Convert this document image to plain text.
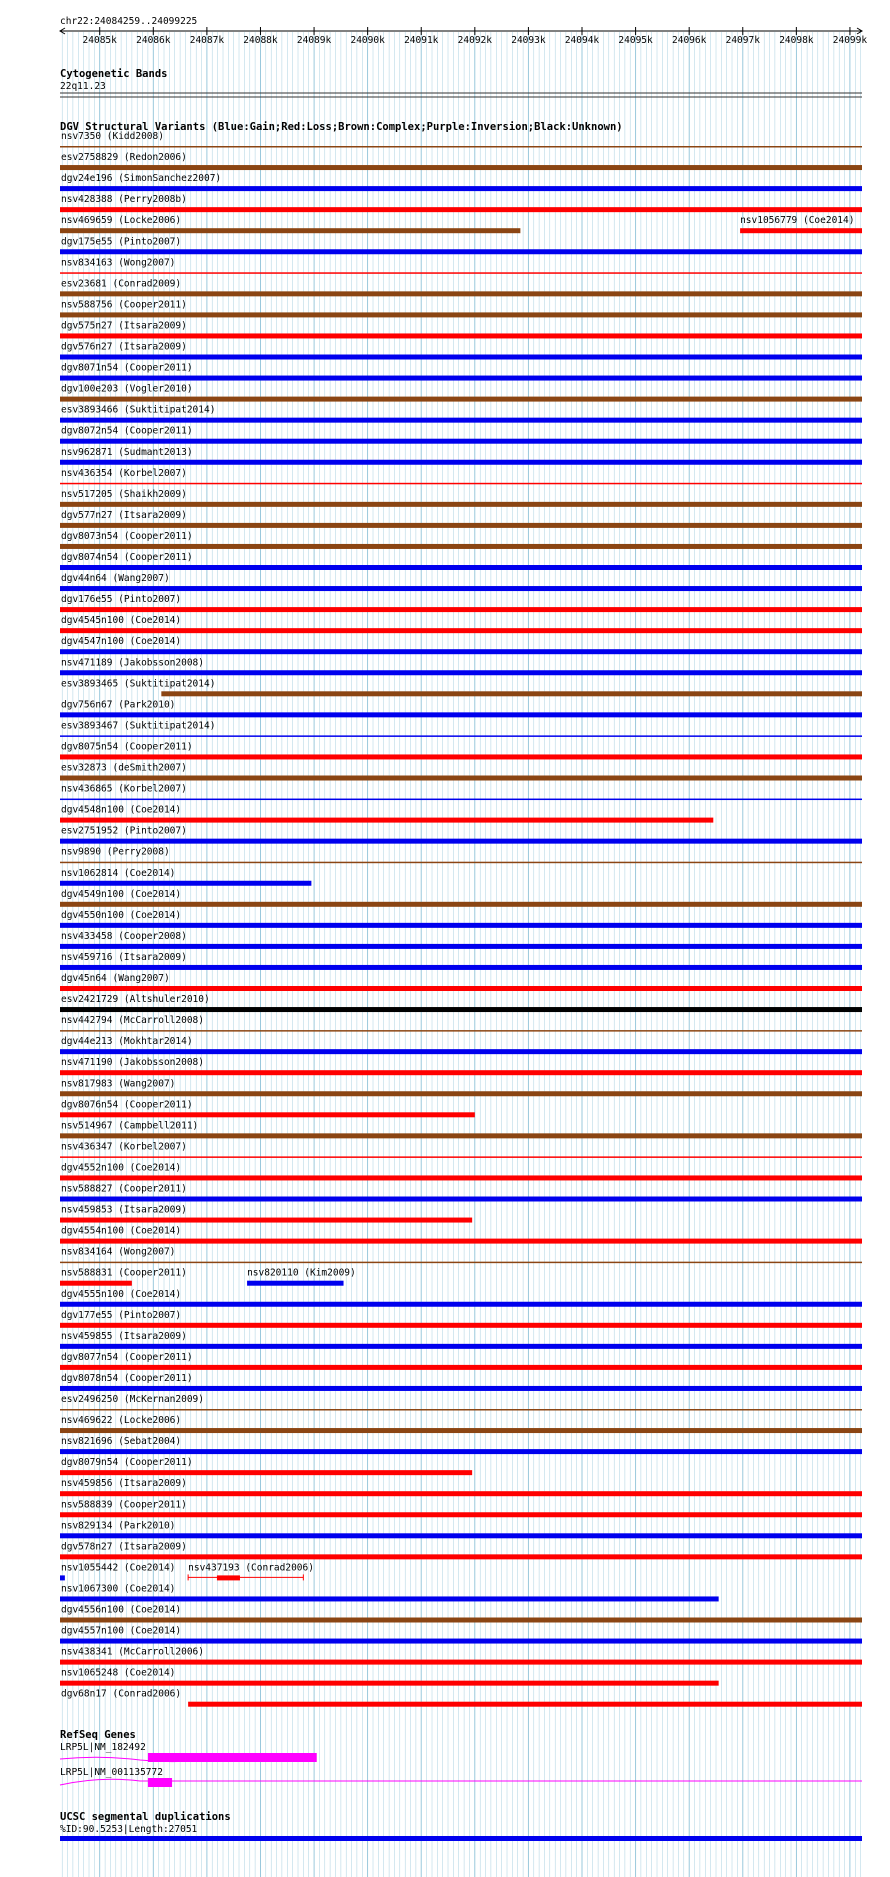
chr22:24084259..24099225
24085k 24086k 24087k 24088k 24089k 24090k 24091k 24092k 24093k 24094k 24095k 24096k 24097k 24098k 24099k
Cytogenetic Bands
22q11.23
DGV Structural Variants (Blue:Gain;Red:Loss;Brown:Complex;Purple:Inversion;Black:Unknown)
nsv7350 (Kidd2008)
esv2758829 (Redon2006)
dgv24e196 (SimonSanchez2007)
nsv428388 (Perry2008b)
nsv469659 (Locke2006)	nsv1056779 (Coe2014)
dgv175e55 (Pinto2007)
nsv834163 (Wong2007)
esv23681 (Conrad2009)
nsv588756 (Cooper2011)
dgv575n27 (Itsara2009)
dgv576n27 (Itsara2009)
dgv8071n54 (Cooper2011)
dgv100e203 (Vogler2010)
esv3893466 (Suktitipat2014)
dgv8072n54 (Cooper2011)
nsv962871 (Sudmant2013)
nsv436354 (Korbel2007)
nsv517205 (Shaikh2009)
dgv577n27 (Itsara2009)
dgv8073n54 (Cooper2011)
dgv8074n54 (Cooper2011)
dgv44n64 (Wang2007)
dgv176e55 (Pinto2007)
dgv4545n100 (Coe2014)
dgv4547n100 (Coe2014)
nsv471189 (Jakobsson2008)
esv3893465 (Suktitipat2014)
dgv756n67 (Park2010)
esv3893467 (Suktitipat2014)
dgv8075n54 (Cooper2011)
esv32873 (deSmith2007)
nsv436865 (Korbel2007)
dgv4548n100 (Coe2014)
esv2751952 (Pinto2007)
nsv9890 (Perry2008)
nsv1062814 (Coe2014)
dgv4549n100 (Coe2014)
dgv4550n100 (Coe2014)
nsv433458 (Cooper2008)
nsv459716 (Itsara2009)
dgv45n64 (Wang2007)
esv2421729 (Altshuler2010)
nsv442794 (McCarroll2008)
dgv44e213 (Mokhtar2014)
nsv471190 (Jakobsson2008)
nsv817983 (Wang2007)
dgv8076n54 (Cooper2011)
nsv514967 (Campbell2011)
nsv436347 (Korbel2007)
dgv4552n100 (Coe2014)
nsv588827 (Cooper2011)
nsv459853 (Itsara2009)
dgv4554n100 (Coe2014)
nsv834164 (Wong2007)
nsv588831 (Cooper2011)	nsv820110 (Kim2009)
dgv4555n100 (Coe2014)
dgv177e55 (Pinto2007)
nsv459855 (Itsara2009)
dgv8077n54 (Cooper2011)
dgv8078n54 (Cooper2011)
esv2496250 (McKernan2009)
nsv469622 (Locke2006)
nsv821696 (Sebat2004)
dgv8079n54 (Cooper2011)
nsv459856 (Itsara2009)
nsv588839 (Cooper2011)
nsv829134 (Park2010)
dgv578n27 (Itsara2009)
nsv1055442 (Coe2014) nsv437193 (Conrad2006)
nsv1067300 (Coe2014)
dgv4556n100 (Coe2014)
dgv4557n100 (Coe2014)
nsv438341 (McCarroll2006)
nsv1065248 (Coe2014)
dgv68n17 (Conrad2006)
RefSeq Genes
LRP5L|NM_182492
LRP5L|NM_001135772
UCSC segmental duplications
%ID:90.5253|Length:27051
